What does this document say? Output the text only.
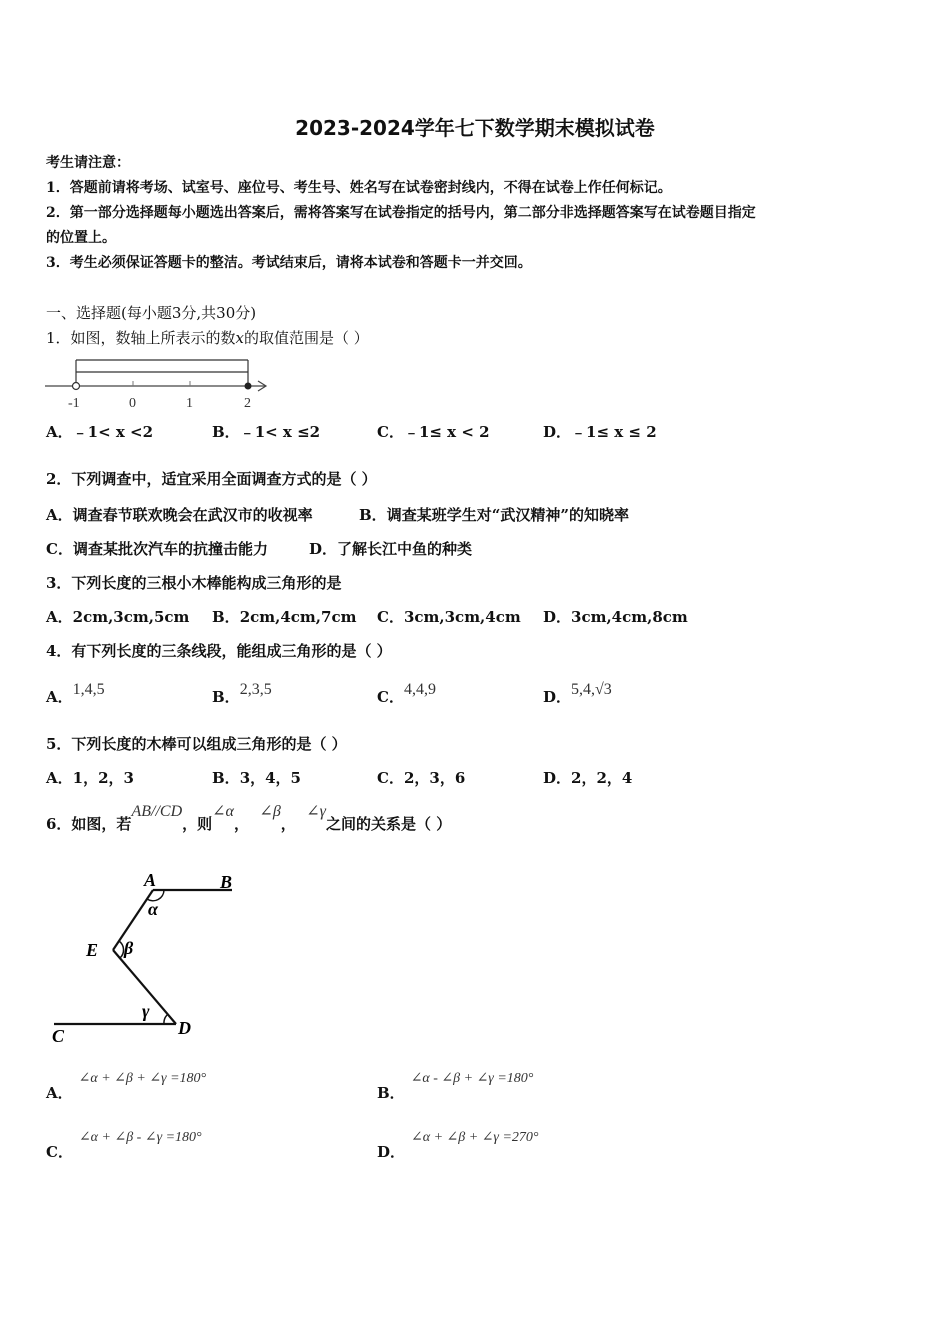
2023-2024学年七下数学期末模拟试卷
考生请注意：
1．答题前请将考场、试室号、座位号、考生号、姓名写在试卷密封线内，不得在试卷上作任何标记。
2．第一部分选择题每小题选出答案后，需将答案写在试卷指定的括号内，第二部分非选择题答案写在试卷题目指定
的位置上。
3．考生必须保证答题卡的整洁。考试结束后，请将本试卷和答题卡一并交回。
一、选择题(每小题3分,共30分)
1．如图，数轴上所表示的数x的取值范围是（ ）
-1	0	1	2
A．﹣1< x <2	B．﹣1< x ≤2	C．﹣1≤ x < 2	D．﹣1≤ x ≤ 2
2．下列调查中，适宜采用全面调查方式的是（ ）
A．调查春节联欢晚会在武汉市的收视率	B．调查某班学生对“武汉精神”的知晓率
C．调查某批次汽车的抗撞击能力	D．了解长江中鱼的种类
3．下列长度的三根小木棒能构成三角形的是
A．2cm,3cm,5cm B．2cm,4cm,7cm C．3cm,3cm,4cm D．3cm,4cm,8cm
4．有下列长度的三条线段，能组成三角形的是（ ）
A．1,4,5	B．2,3,5	C．4,4,9	D．5,4,√3
5．下列长度的木棒可以组成三角形的是（ ）
A．1，2，3	B．3，4，5	C．2，3，6	D．2，2，4
6．如图，若AB//CD，则∠α，  ∠β，  ∠γ之间的关系是（ ）
A	B
E
C	D
α
β
γ
A．∠α + ∠β + ∠γ =180°
B．∠α - ∠β + ∠γ =180°
C．∠α + ∠β - ∠γ =180°
D．∠α + ∠β + ∠γ =270°
